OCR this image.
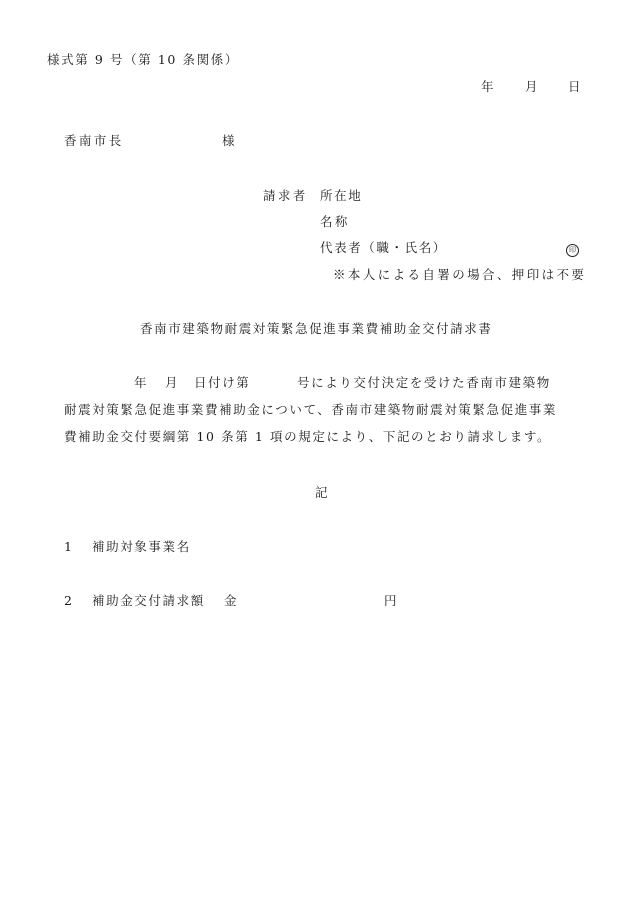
様式第 9 号（第 10 条関係）
年	月 日
香南市長	様
請求者 所在地
名称
代表者（職・氏名）	印
※本人による自署の場合、押印は不要
香南市建築物耐震対策緊急促進事業費補助金交付請求書
年 月 日付け第	号により交付決定を受けた香南市建築物
耐震対策緊急促進事業費補助金について、香南市建築物耐震対策緊急促進事業
費補助金交付要綱第 10 条第 1 項の規定により、下記のとおり請求します。
記
1 補助対象事業名
2 補助金交付請求額 金	円
